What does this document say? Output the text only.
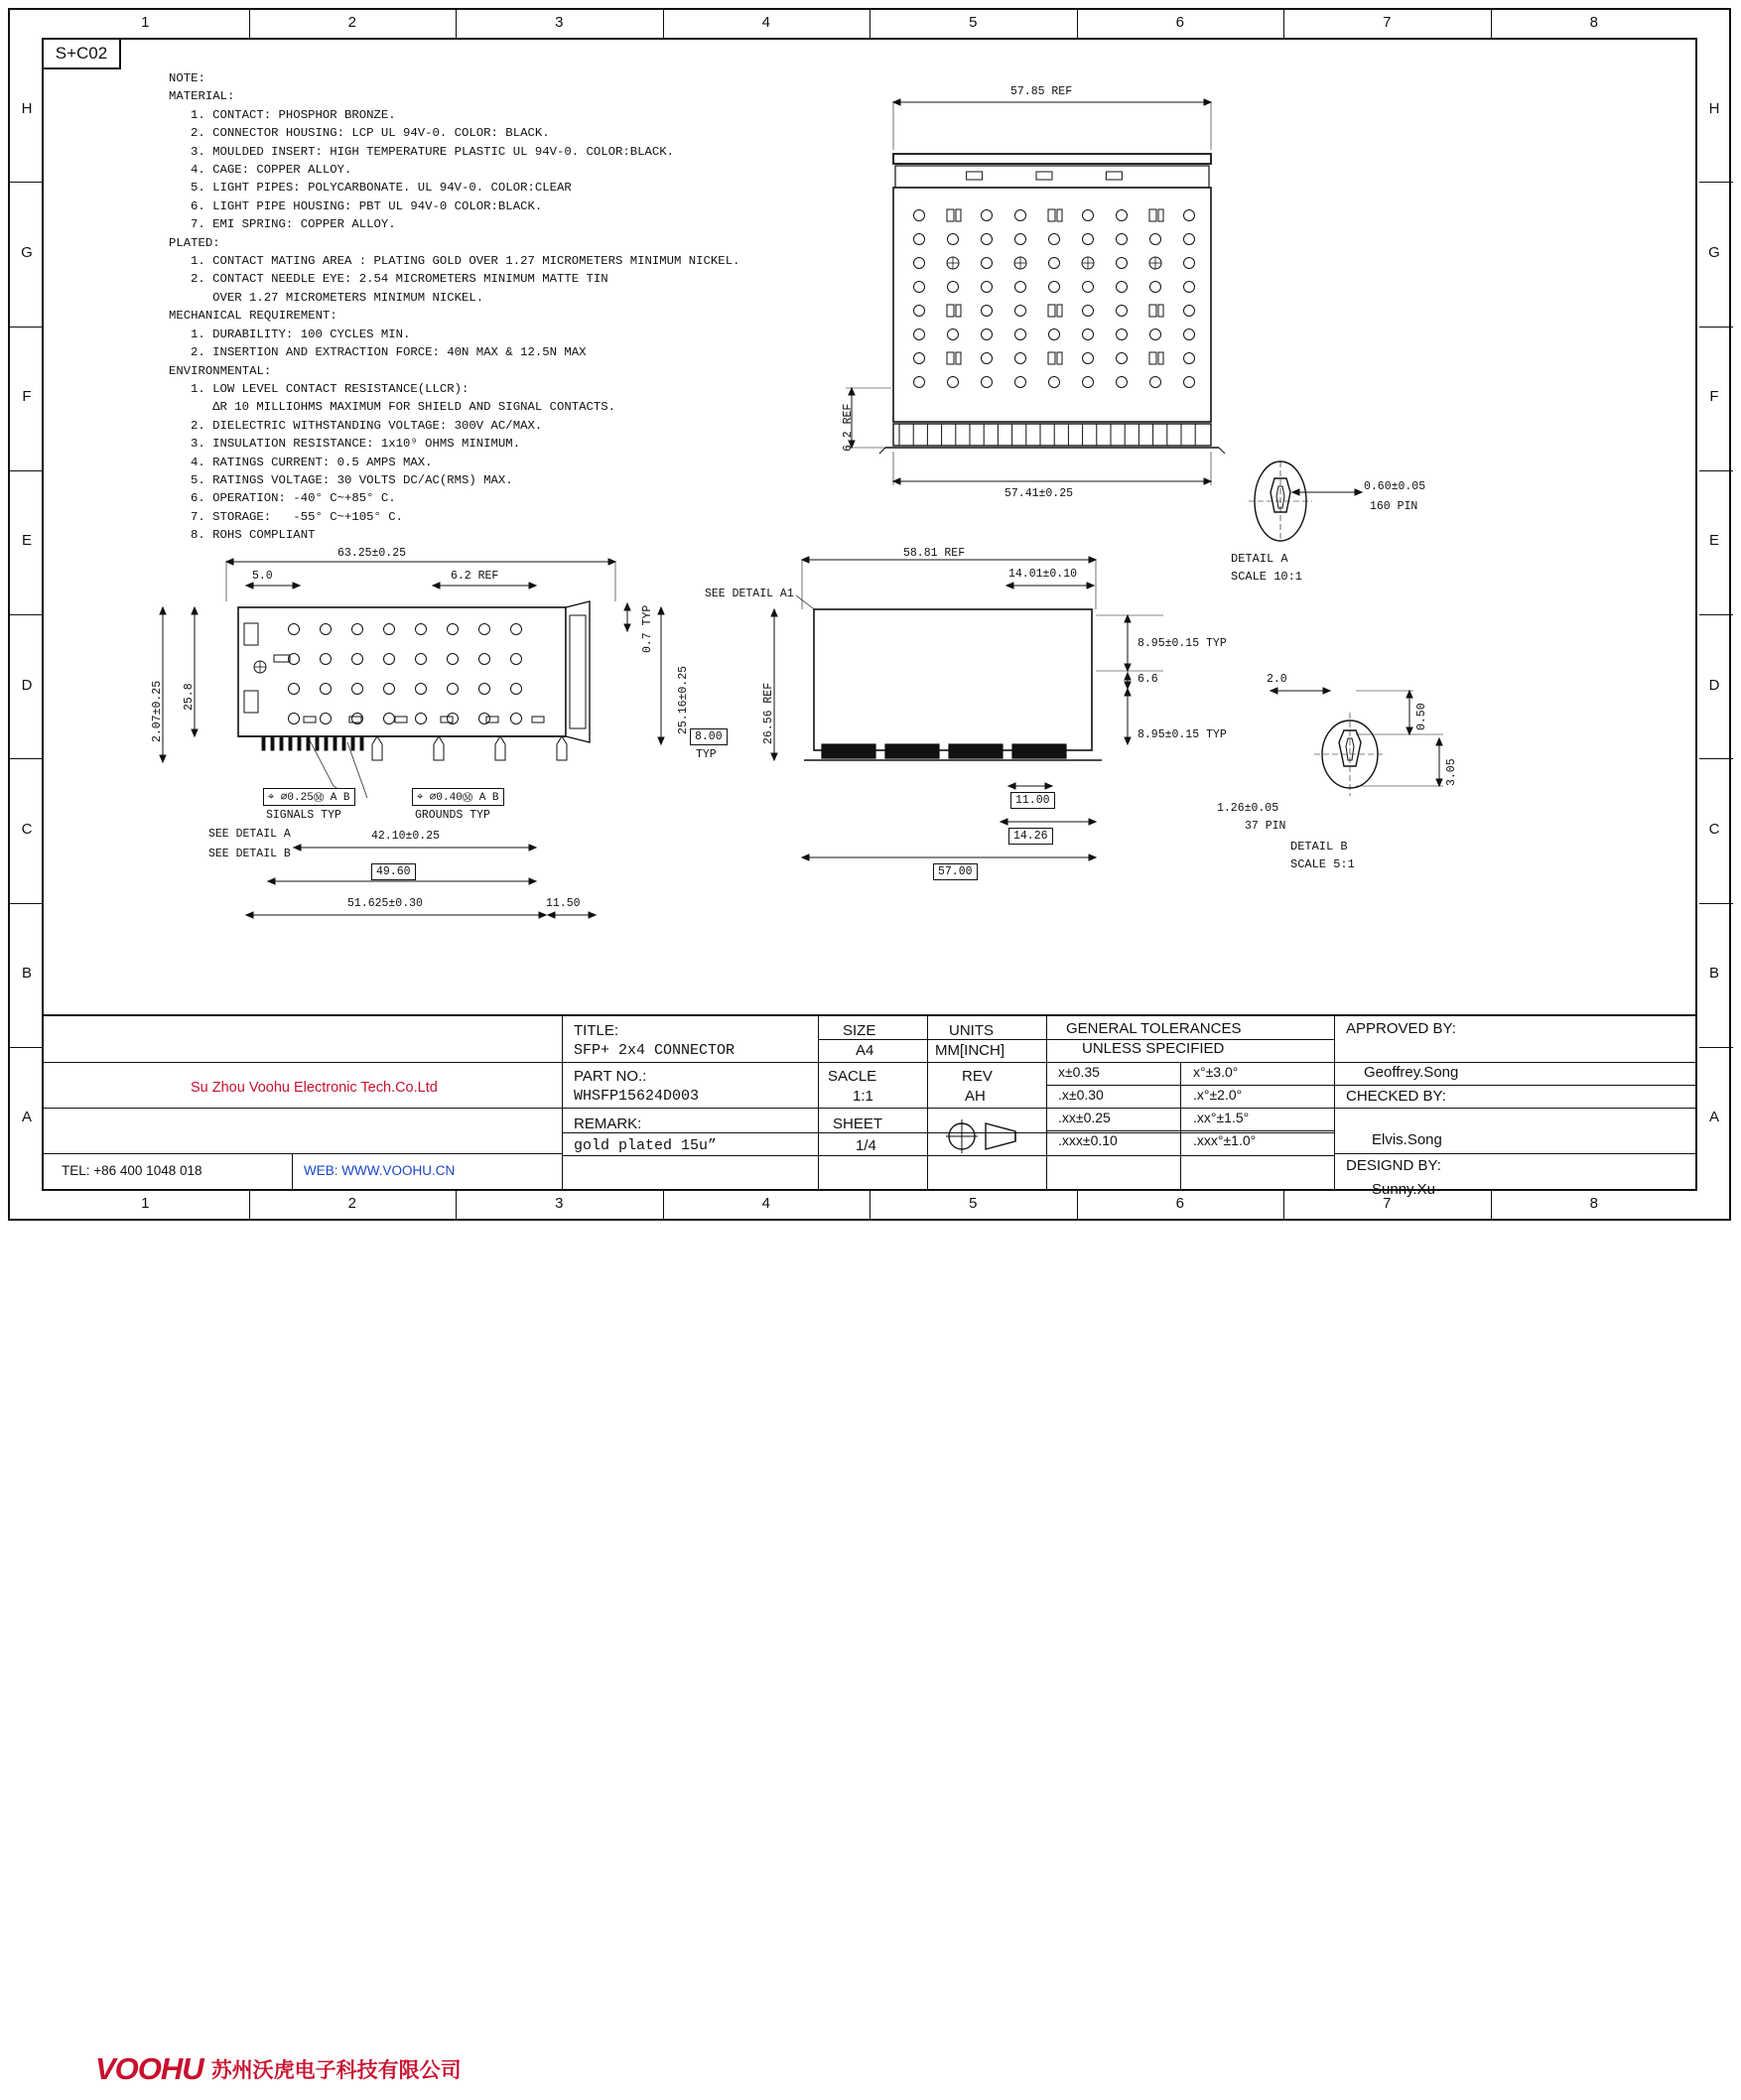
1	2	3	4	5	6	7	8
1	2	3	4	5	6	7	8
H
G
F
E
D
C
B
A
H
G
F
E
D
C
B
A
S+C02
NOTE:
MATERIAL:
1. CONTACT: PHOSPHOR BRONZE.
2. CONNECTOR HOUSING: LCP UL 94V-0. COLOR: BLACK.
3. MOULDED INSERT: HIGH TEMPERATURE PLASTIC UL 94V-0. COLOR:BLACK.
4. CAGE: COPPER ALLOY.
5. LIGHT PIPES: POLYCARBONATE. UL 94V-0. COLOR:CLEAR
6. LIGHT PIPE HOUSING: PBT UL 94V-0 COLOR:BLACK.
7. EMI SPRING: COPPER ALLOY.
PLATED:
1. CONTACT MATING AREA : PLATING GOLD OVER 1.27 MICROMETERS MINIMUM NICKEL.
2. CONTACT NEEDLE EYE: 2.54 MICROMETERS MINIMUM MATTE TIN
OVER 1.27 MICROMETERS MINIMUM NICKEL.
MECHANICAL REQUIREMENT:
1. DURABILITY: 100 CYCLES MIN.
2. INSERTION AND EXTRACTION FORCE: 40N MAX & 12.5N MAX
ENVIRONMENTAL:
1. LOW LEVEL CONTACT RESISTANCE(LLCR):
ΔR 10 MILLIOHMS MAXIMUM FOR SHIELD AND SIGNAL CONTACTS.
2. DIELECTRIC WITHSTANDING VOLTAGE: 300V AC/MAX.
3. INSULATION RESISTANCE: 1x10⁹ OHMS MINIMUM.
4. RATINGS CURRENT: 0.5 AMPS MAX.
5. RATINGS VOLTAGE: 30 VOLTS DC/AC(RMS) MAX.
6. OPERATION: -40° C~+85° C.
7. STORAGE:   -55° C~+105° C.
8. ROHS COMPLIANT
57.85 REF
6.2 REF
57.41±0.25
63.25±0.25
5.0	6.2 REF
8.00
TYP
25.16±0.25
0.7 TYP
25.8
2.07±0.25
⌖ ⌀0.25Ⓜ A B
SIGNALS TYP
⌖ ⌀0.40Ⓜ A B
GROUNDS TYP
SEE DETAIL A
SEE DETAIL B
42.10±0.25
49.60
51.625±0.30	11.50
58.81 REF
14.01±0.10
SEE DETAIL A1
26.56 REF
8.95±0.15 TYP
6.6
8.95±0.15 TYP
11.00
14.26
57.00
0.60±0.05
160 PIN
DETAIL A
SCALE 10:1
2.0
0.50
3.05
1.26±0.05
37 PIN
DETAIL B
SCALE 5:1
VOOHU 苏州沃虎电子科技有限公司
Su Zhou Voohu Electronic Tech.Co.Ltd
TITLE:
SFP+ 2x4 CONNECTOR
PART NO.:
WHSFP15624D003
REMARK:
gold plated 15u”
SIZE
A4
SACLE
1:1
SHEET
1/4
UNITS
MM[INCH]
REV
AH
GENERAL TOLERANCES
UNLESS SPECIFIED
x±0.35	x°±3.0°
.x±0.30	.x°±2.0°
.xx±0.25	.xx°±1.5°
.xxx±0.10	.xxx°±1.0°
APPROVED BY:
Geoffrey.Song
CHECKED BY:
Elvis.Song
DESIGND BY:
Sunny.Xu
TEL: +86 400 1048 018	WEB: WWW.VOOHU.CN
